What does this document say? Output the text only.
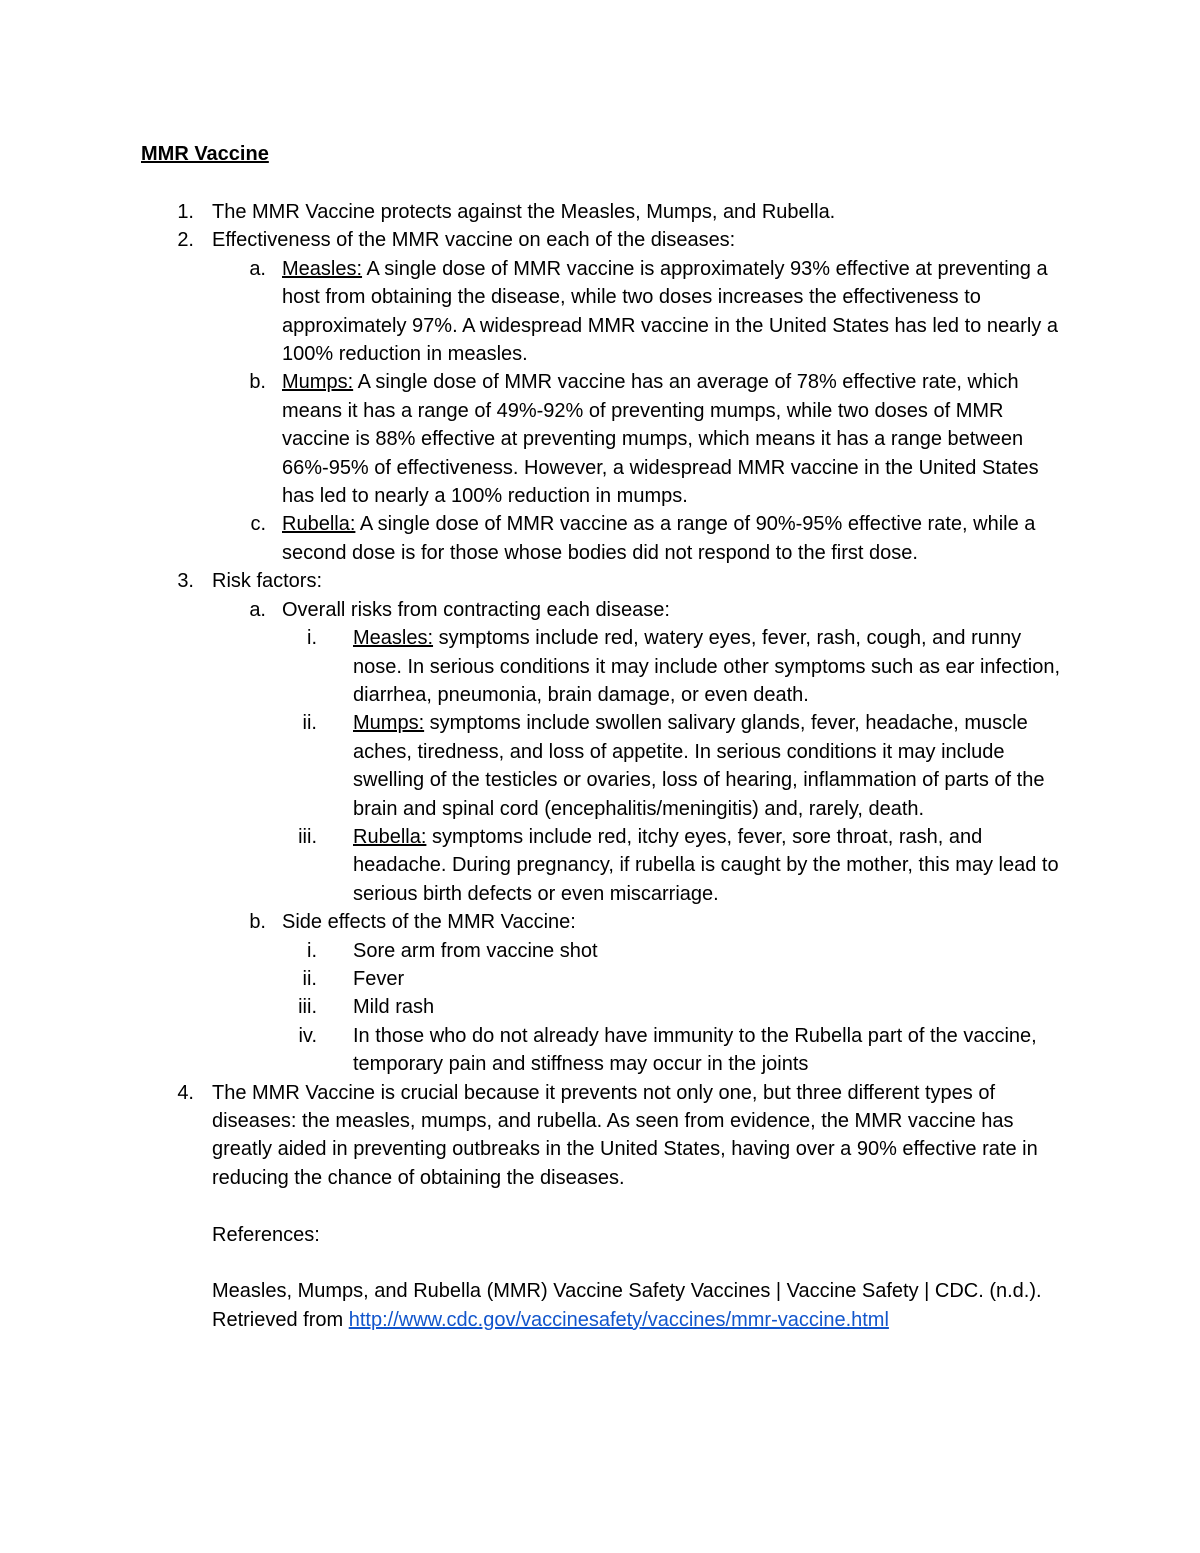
MMR Vaccine
1. The MMR Vaccine protects against the Measles, Mumps, and Rubella.
2. Effectiveness of the MMR vaccine on each of the diseases:
a. Measles: A single dose of MMR vaccine is approximately 93% effective at preventing a host from obtaining the disease, while two doses increases the effectiveness to approximately 97%. A widespread MMR vaccine in the United States has led to nearly a 100% reduction in measles.
b. Mumps: A single dose of MMR vaccine has an average of 78% effective rate, which means it has a range of 49%-92% of preventing mumps, while two doses of MMR vaccine is 88% effective at preventing mumps, which means it has a range between 66%-95% of effectiveness. However, a widespread MMR vaccine in the United States has led to nearly a 100% reduction in mumps.
c. Rubella: A single dose of MMR vaccine as a range of 90%-95% effective rate, while a second dose is for those whose bodies did not respond to the first dose.
3. Risk factors:
a. Overall risks from contracting each disease:
i. Measles: symptoms include red, watery eyes, fever, rash, cough, and runny nose. In serious conditions it may include other symptoms such as ear infection, diarrhea, pneumonia, brain damage, or even death.
ii. Mumps: symptoms include swollen salivary glands, fever, headache, muscle aches, tiredness, and loss of appetite. In serious conditions it may include swelling of the testicles or ovaries, loss of hearing, inflammation of parts of the brain and spinal cord (encephalitis/meningitis) and, rarely, death.
iii. Rubella: symptoms include red, itchy eyes, fever, sore throat, rash, and headache. During pregnancy, if rubella is caught by the mother, this may lead to serious birth defects or even miscarriage.
b. Side effects of the MMR Vaccine:
i. Sore arm from vaccine shot
ii. Fever
iii. Mild rash
iv. In those who do not already have immunity to the Rubella part of the vaccine, temporary pain and stiffness may occur in the joints
4. The MMR Vaccine is crucial because it prevents not only one, but three different types of diseases: the measles, mumps, and rubella. As seen from evidence, the MMR vaccine has greatly aided in preventing outbreaks in the United States, having over a 90% effective rate in reducing the chance of obtaining the diseases.
References:
Measles, Mumps, and Rubella (MMR) Vaccine Safety Vaccines | Vaccine Safety | CDC. (n.d.). Retrieved from http://www.cdc.gov/vaccinesafety/vaccines/mmr-vaccine.html
